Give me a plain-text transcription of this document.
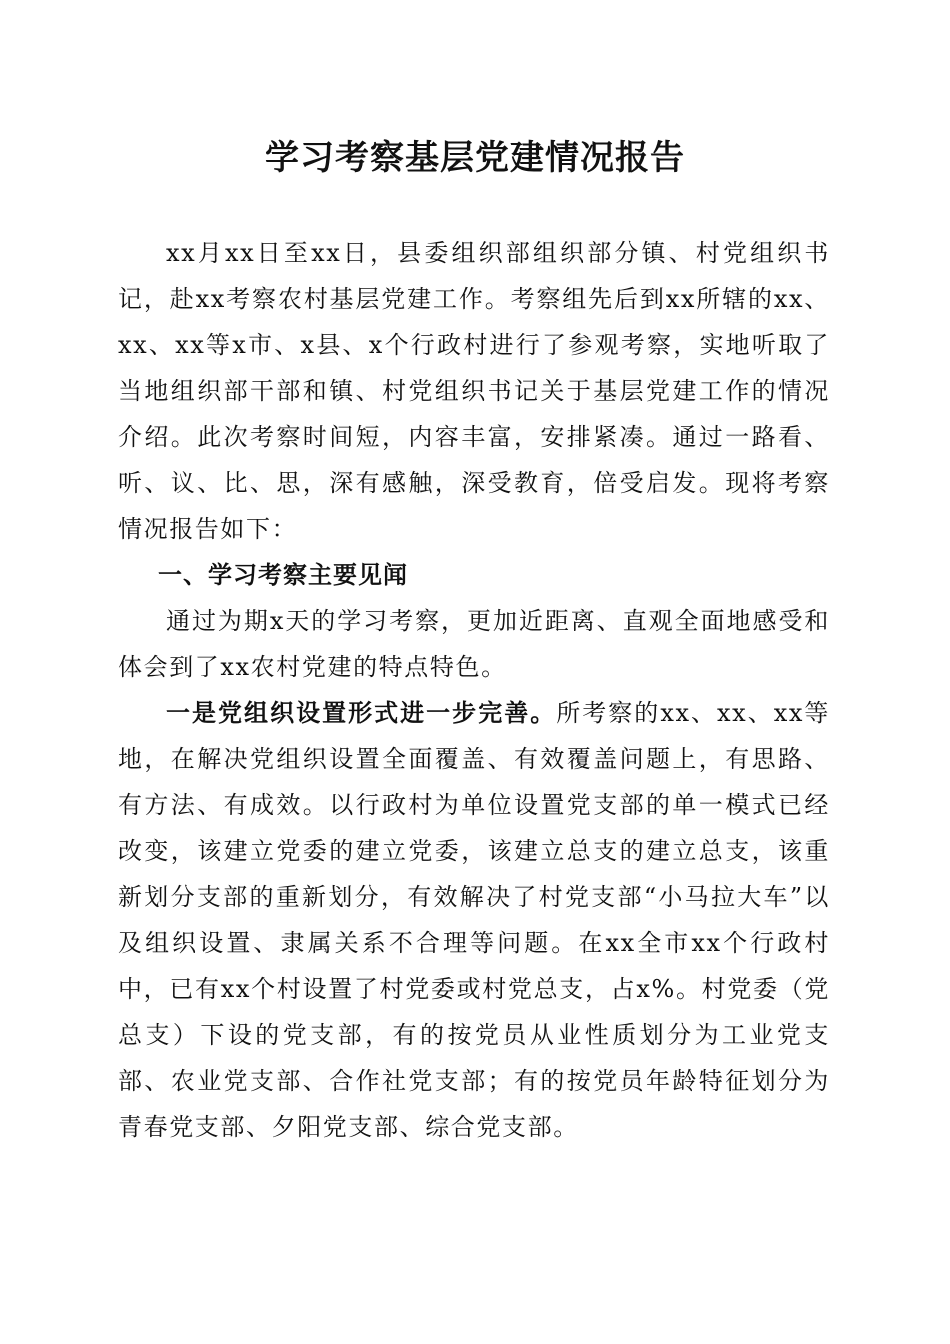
学习考察基层党建情况报告

xx月xx日至xx日，县委组织部组织部分镇、村党组织书记，赴xx考察农村基层党建工作。考察组先后到xx所辖的xx、xx、xx等x市、x县、x个行政村进行了参观考察，实地听取了当地组织部干部和镇、村党组织书记关于基层党建工作的情况介绍。此次考察时间短，内容丰富，安排紧凑。通过一路看、听、议、比、思，深有感触，深受教育，倍受启发。现将考察情况报告如下：

一、学习考察主要见闻

通过为期x天的学习考察，更加近距离、直观全面地感受和体会到了xx农村党建的特点特色。

一是党组织设置形式进一步完善。所考察的xx、xx、xx等地，在解决党组织设置全面覆盖、有效覆盖问题上，有思路、有方法、有成效。以行政村为单位设置党支部的单一模式已经改变，该建立党委的建立党委，该建立总支的建立总支，该重新划分支部的重新划分，有效解决了村党支部“小马拉大车”以及组织设置、隶属关系不合理等问题。在xx全市xx个行政村中，已有xx个村设置了村党委或村党总支，占x%。村党委（党总支）下设的党支部，有的按党员从业性质划分为工业党支部、农业党支部、合作社党支部；有的按党员年龄特征划分为青春党支部、夕阳党支部、综合党支部。
